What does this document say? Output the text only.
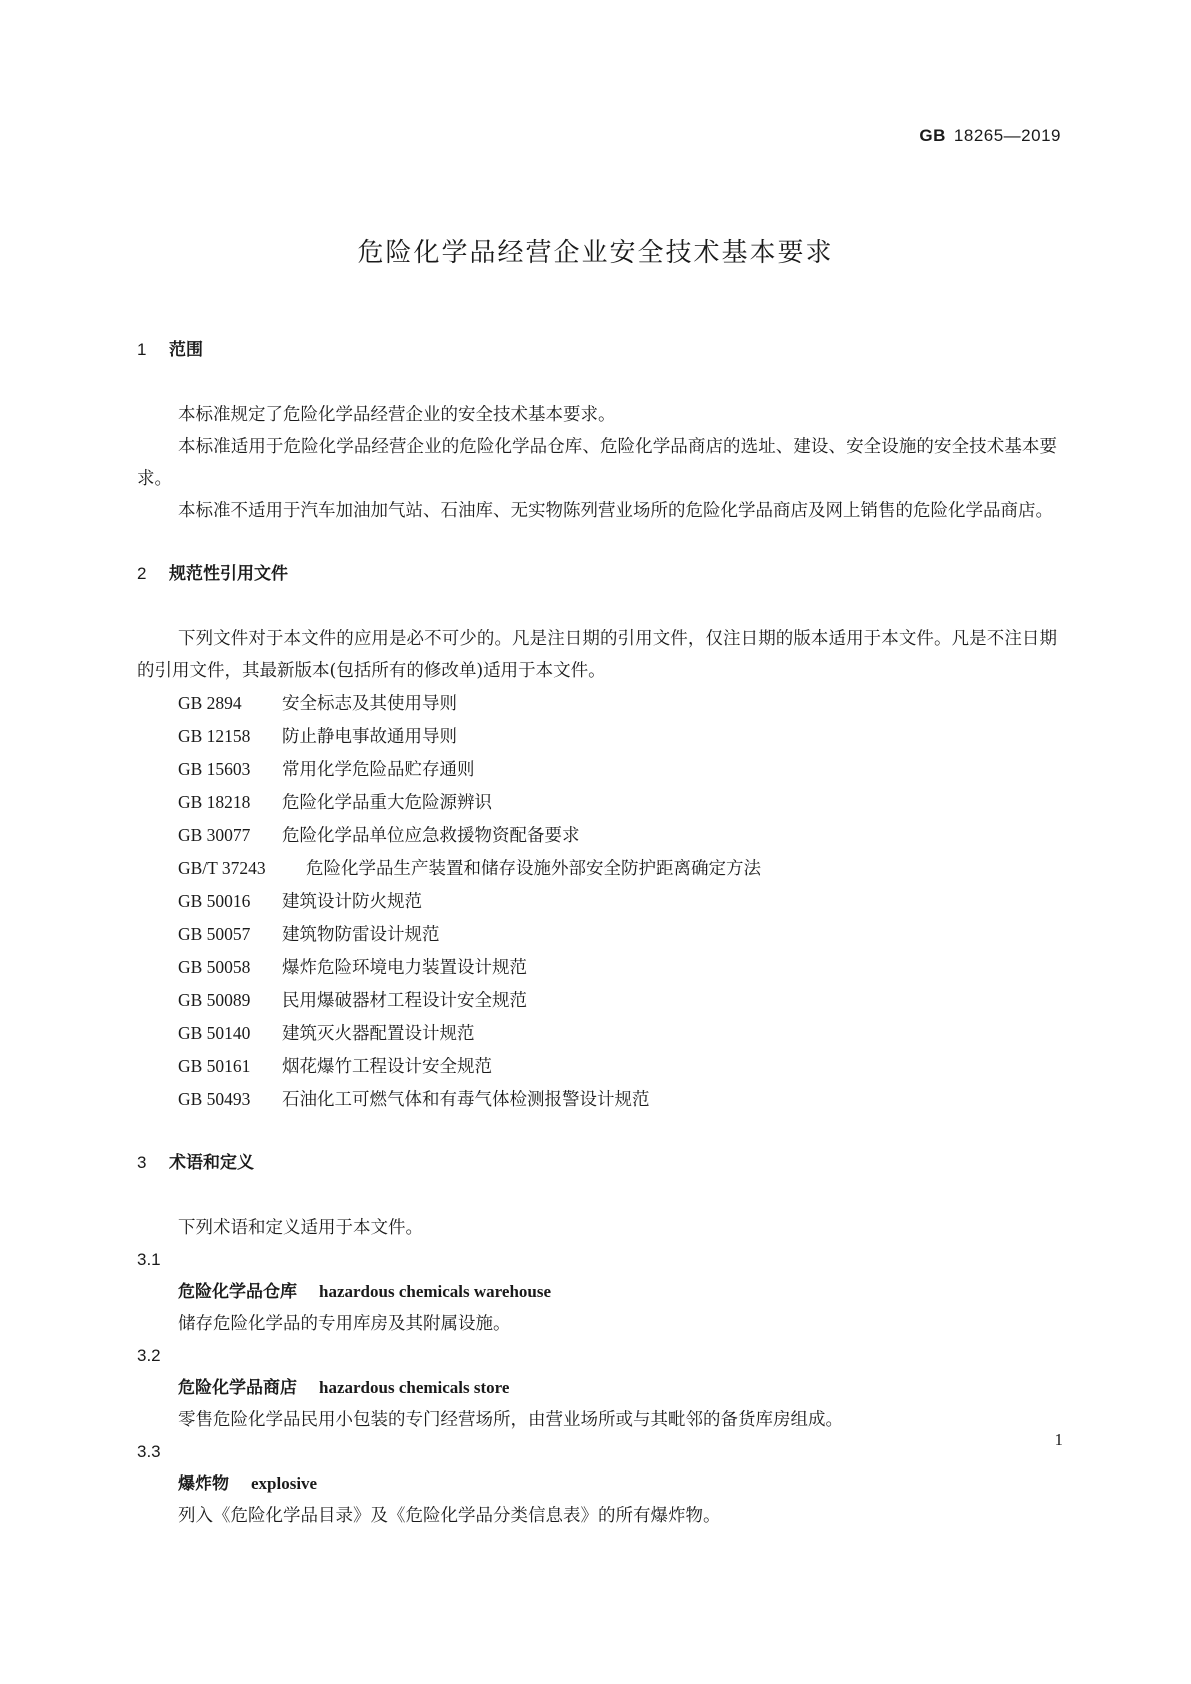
GB 18265—2019
危险化学品经营企业安全技术基本要求
1 范围

本标准规定了危险化学品经营企业的安全技术基本要求。

本标准适用于危险化学品经营企业的危险化学品仓库、危险化学品商店的选址、建设、安全设施的安全技术基本要求。

本标准不适用于汽车加油加气站、石油库、无实物陈列营业场所的危险化学品商店及网上销售的危险化学品商店。

2 规范性引用文件

下列文件对于本文件的应用是必不可少的。凡是注日期的引用文件，仅注日期的版本适用于本文件。凡是不注日期的引用文件，其最新版本(包括所有的修改单)适用于本文件。

GB 2894 安全标志及其使用导则
GB 12158 防止静电事故通用导则
GB 15603 常用化学危险品贮存通则
GB 18218 危险化学品重大危险源辨识
GB 30077 危险化学品单位应急救援物资配备要求
GB/T 37243 危险化学品生产装置和储存设施外部安全防护距离确定方法
GB 50016 建筑设计防火规范
GB 50057 建筑物防雷设计规范
GB 50058 爆炸危险环境电力装置设计规范
GB 50089 民用爆破器材工程设计安全规范
GB 50140 建筑灭火器配置设计规范
GB 50161 烟花爆竹工程设计安全规范
GB 50493 石油化工可燃气体和有毒气体检测报警设计规范
3 术语和定义

下列术语和定义适用于本文件。

3.1

危险化学品仓库 hazardous chemicals warehouse

储存危险化学品的专用库房及其附属设施。

3.2

危险化学品商店 hazardous chemicals store

零售危险化学品民用小包装的专门经营场所，由营业场所或与其毗邻的备货库房组成。

3.3

爆炸物 explosive

列入《危险化学品目录》及《危险化学品分类信息表》的所有爆炸物。

1
